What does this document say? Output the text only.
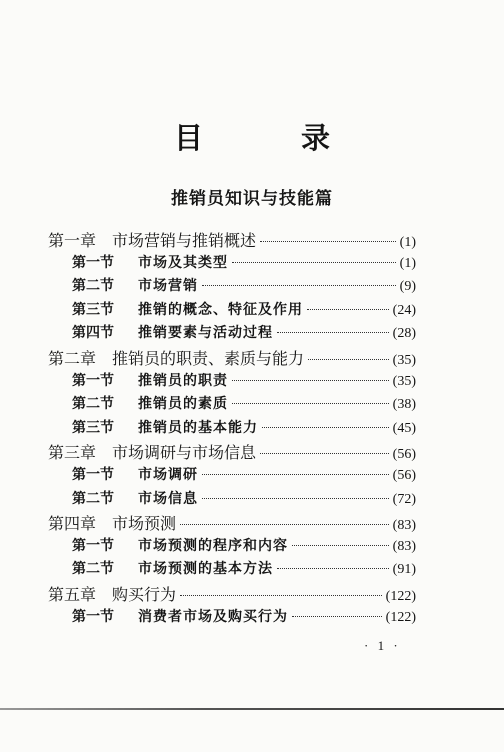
目 录
推销员知识与技能篇
第一章 市场营销与推销概述	(1)
第一节	市场及其类型	(1)
第二节	市场营销	(9)
第三节	推销的概念、特征及作用	(24)
第四节	推销要素与活动过程	(28)
第二章 推销员的职责、素质与能力	(35)
第一节	推销员的职责	(35)
第二节	推销员的素质	(38)
第三节	推销员的基本能力	(45)
第三章 市场调研与市场信息	(56)
第一节	市场调研	(56)
第二节	市场信息	(72)
第四章 市场预测	(83)
第一节	市场预测的程序和内容	(83)
第二节	市场预测的基本方法	(91)
第五章 购买行为	(122)
第一节	消费者市场及购买行为	(122)
· 1 ·
